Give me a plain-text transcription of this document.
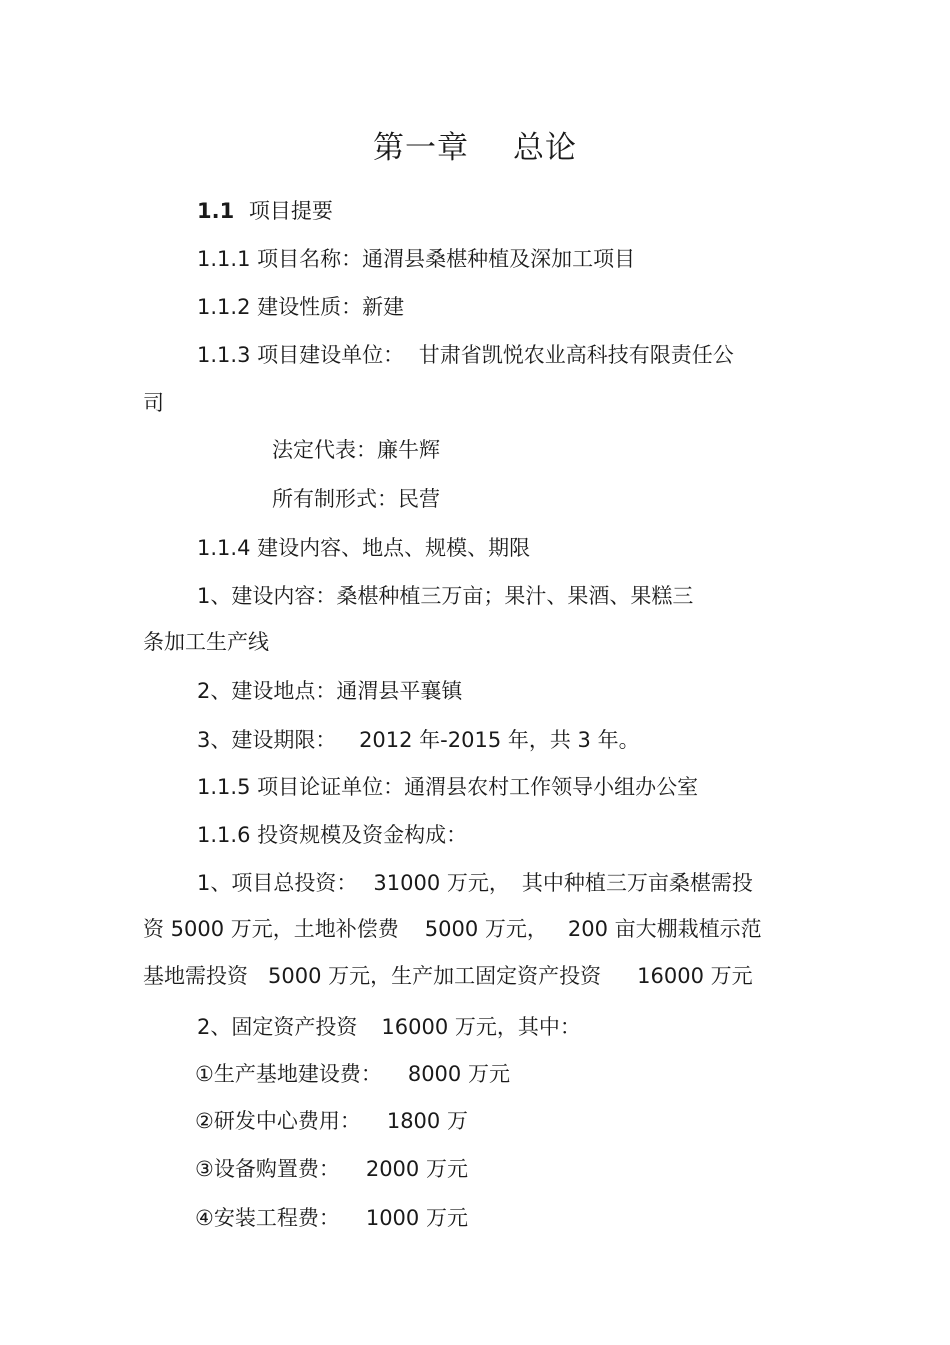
第一章 总论
1.1 项目提要
1.1.1 项目名称：通渭县桑椹种植及深加工项目
1.1.2 建设性质：新建
1.1.3 项目建设单位： 甘肃省凯悦农业高科技有限责任公
司
法定代表：廉牛辉
所有制形式：民营
1.1.4 建设内容、地点、规模、期限
1、建设内容：桑椹种植三万亩；果汁、果酒、果糕三
条加工生产线
2、建设地点：通渭县平襄镇
3、建设期限： 2012 年-2015 年，共 3 年。
1.1.5 项目论证单位：通渭县农村工作领导小组办公室
1.1.6 投资规模及资金构成：
1、项目总投资： 31000 万元， 其中种植三万亩桑椹需投
资 5000 万元，土地补偿费 5000 万元， 200 亩大棚栽植示范
基地需投资 5000 万元，生产加工固定资产投资 16000 万元
2、固定资产投资 16000 万元，其中：
①生产基地建设费： 8000 万元
②研发中心费用： 1800 万
③设备购置费： 2000 万元
④安装工程费： 1000 万元
